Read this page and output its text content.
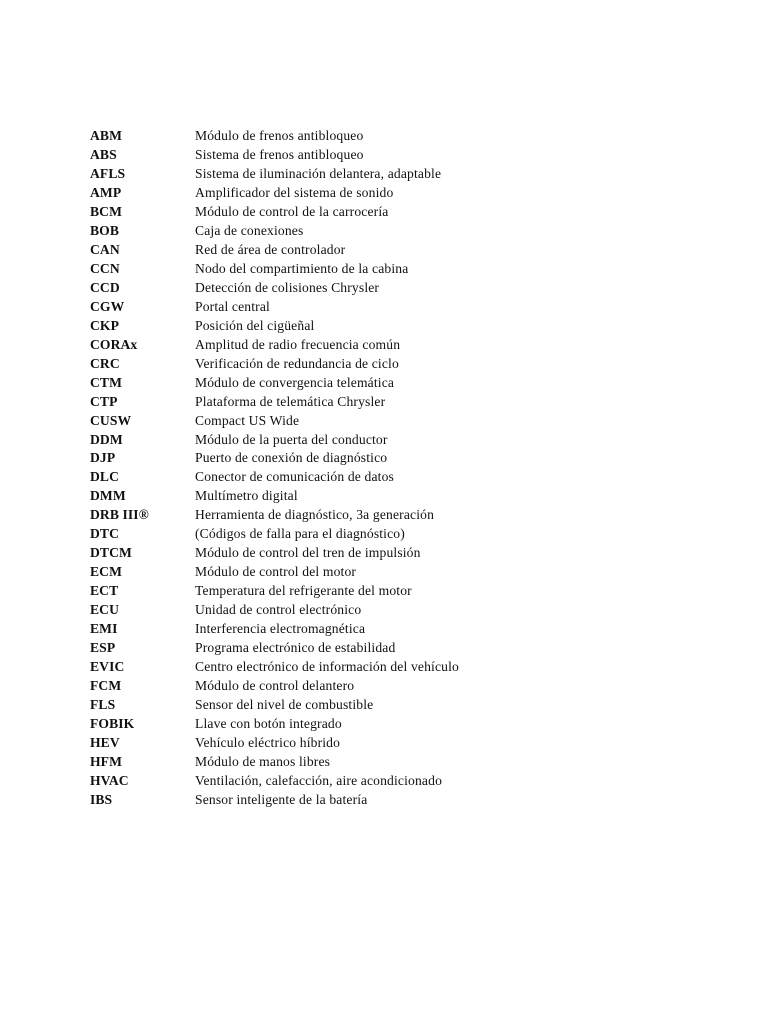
ABM	Módulo de frenos antibloqueo
ABS	Sistema de frenos antibloqueo
AFLS	Sistema de iluminación delantera, adaptable
AMP	Amplificador del sistema de sonido
BCM	Módulo de control de la carrocería
BOB	Caja de conexiones
CAN	Red de área de controlador
CCN	Nodo del compartimiento de la cabina
CCD	Detección de colisiones Chrysler
CGW	Portal central
CKP	Posición del cigüeñal
CORAx	Amplitud de radio frecuencia común
CRC	Verificación de redundancia de ciclo
CTM	Módulo de convergencia telemática
CTP	Plataforma de telemática Chrysler
CUSW	Compact US Wide
DDM	Módulo de la puerta del conductor
DJP	Puerto de conexión de diagnóstico
DLC	Conector de comunicación de datos
DMM	Multímetro digital
DRB III®	Herramienta de diagnóstico, 3a generación
DTC	(Códigos de falla para el diagnóstico)
DTCM	Módulo de control del tren de impulsión
ECM	Módulo de control del motor
ECT	Temperatura del refrigerante del motor
ECU	Unidad de control electrónico
EMI	Interferencia electromagnética
ESP	Programa electrónico de estabilidad
EVIC	Centro electrónico de información del vehículo
FCM	Módulo de control delantero
FLS	Sensor del nivel de combustible
FOBIK	Llave con botón integrado
HEV	Vehículo eléctrico híbrido
HFM	Módulo de manos libres
HVAC	Ventilación, calefacción, aire acondicionado
IBS	Sensor inteligente de la batería
